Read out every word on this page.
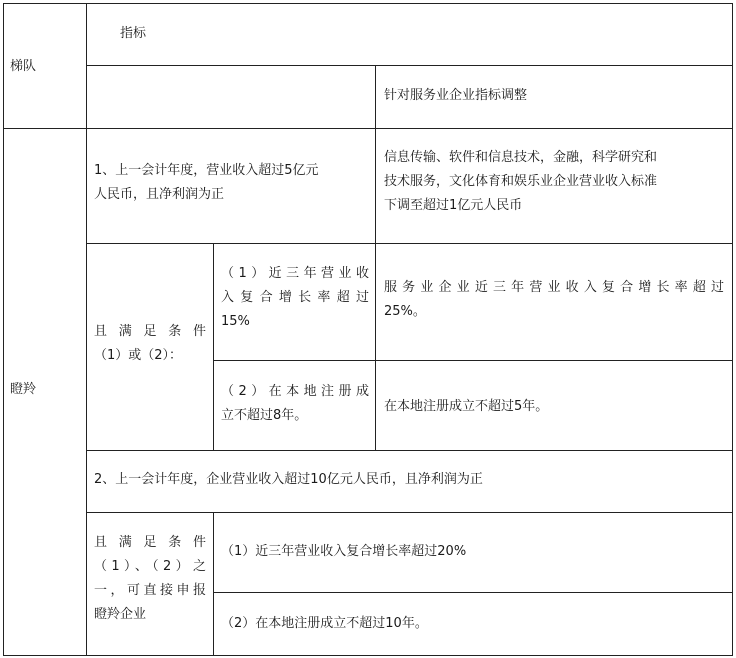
梯队
指标
针对服务业企业指标调整
瞪羚
1、上一会计年度，营业收入超过5亿元
人民币，且净利润为正
信息传输、软件和信息技术，金融，科学研究和
技术服务，文化体育和娱乐业企业营业收入标准
下调至超过1亿元人民币
且满足条件
（1）或（2）：
（1）近三年营业收
入复合增长率超过
15%
服务业企业近三年营业收入复合增长率超过
25%。
（2）在本地注册成
立不超过8年。
在本地注册成立不超过5年。
2、上一会计年度，企业营业收入超过10亿元人民币，且净利润为正
且满足条件
（1）、（2）之
一，可直接申报
瞪羚企业
（1）近三年营业收入复合增长率超过20%
（2）在本地注册成立不超过10年。
